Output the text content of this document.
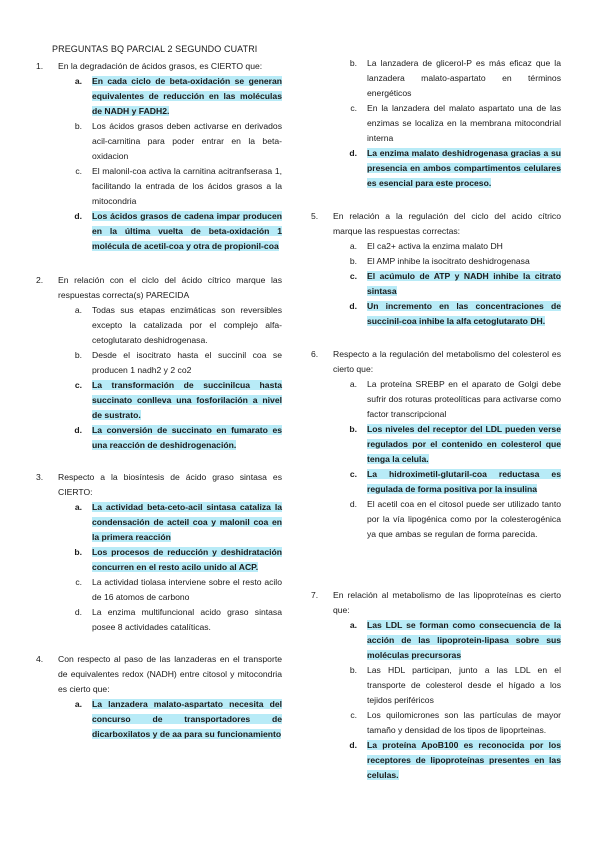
PREGUNTAS BQ PARCIAL 2 SEGUNDO CUATRI
1.	En la degradación de ácidos grasos, es CIERTO que:
a.	En cada ciclo de beta-oxidación se generan equivalentes de reducción en las moléculas de NADH y FADH2.
b.	Los ácidos grasos deben activarse en derivados acil-carnitina para poder entrar en la beta-oxidacion
c.	El malonil-coa activa la carnitina acitranfserasa 1, facilitando la entrada de los ácidos grasos a la mitocondria
d.	Los ácidos grasos de cadena impar producen en la última vuelta de beta-oxidación 1 molécula de acetil-coa y otra de propionil-coa
2.	En relación con el ciclo del ácido cítrico marque las respuestas correcta(s) PARECIDA
a.	Todas sus etapas enzimáticas son reversibles excepto la catalizada por el complejo alfa-cetoglutarato deshidrogenasa.
b.	Desde el isocitrato hasta el succinil coa se producen 1 nadh2 y 2 co2
c.	La transformación de succinilcua hasta succinato conlleva una fosforilación a nivel de sustrato.
d.	La conversión de succinato en fumarato es una reacción de deshidrogenación.
3.	Respecto a la biosíntesis de ácido graso sintasa es CIERTO:
a.	La actividad beta-ceto-acil sintasa cataliza la condensación de acteil coa y malonil coa en la primera reacción
b.	Los procesos de reducción y deshidratación concurren en el resto acilo unido al ACP.
c.	La actividad tiolasa interviene sobre el resto acilo de 16 atomos de carbono
d.	La enzima multifuncional acido graso sintasa posee 8 actividades catalíticas.
4.	Con respecto al paso de las lanzaderas en el transporte de equivalentes redox (NADH) entre citosol y mitocondria es cierto que:
a.	La lanzadera malato-aspartato necesita del concurso de transportadores de dicarboxilatos y de aa para su funcionamiento
b.	La lanzadera de glicerol-P es más eficaz que la lanzadera malato-aspartato en términos energéticos
c.	En la lanzadera del malato aspartato una de las enzimas se localiza en la membrana mitocondrial interna
d.	La enzima malato deshidrogenasa gracias a su presencia en ambos compartimentos celulares es esencial para este proceso.
5.	En relación a la regulación del ciclo del acido cítrico marque las respuestas correctas:
a.	El ca2+ activa la enzima malato DH
b.	El AMP inhibe la isocitrato deshidrogenasa
c.	El acúmulo de ATP y NADH inhibe la citrato sintasa
d.	Un incremento en las concentraciones de succinil-coa inhibe la alfa cetoglutarato DH.
6.	Respecto a la regulación del metabolismo del colesterol es cierto que:
a.	La proteína SREBP en el aparato de Golgi debe sufrir dos roturas proteolíticas para activarse como factor transcripcional
b.	Los niveles del receptor del LDL pueden verse regulados por el contenido en colesterol que tenga la celula.
c.	La hidroximetil-glutaril-coa reductasa es regulada de forma positiva por la insulina
d.	El acetil coa en el citosol puede ser utilizado tanto por la vía lipogénica como por la colesterogénica ya que ambas se regulan de forma parecida.
7.	En relación al metabolismo de las lipoproteínas es cierto que:
a.	Las LDL se forman como consecuencia de la acción de las lipoprotein-lipasa sobre sus moléculas precursoras
b.	Las HDL participan, junto a las LDL en el transporte de colesterol desde el hígado a los tejidos periféricos
c.	Los quilomicrones son las partículas de mayor tamaño y densidad de los tipos de lipoprteinas.
d.	La proteína ApoB100 es reconocida por los receptores de lipoproteínas presentes en las celulas.
